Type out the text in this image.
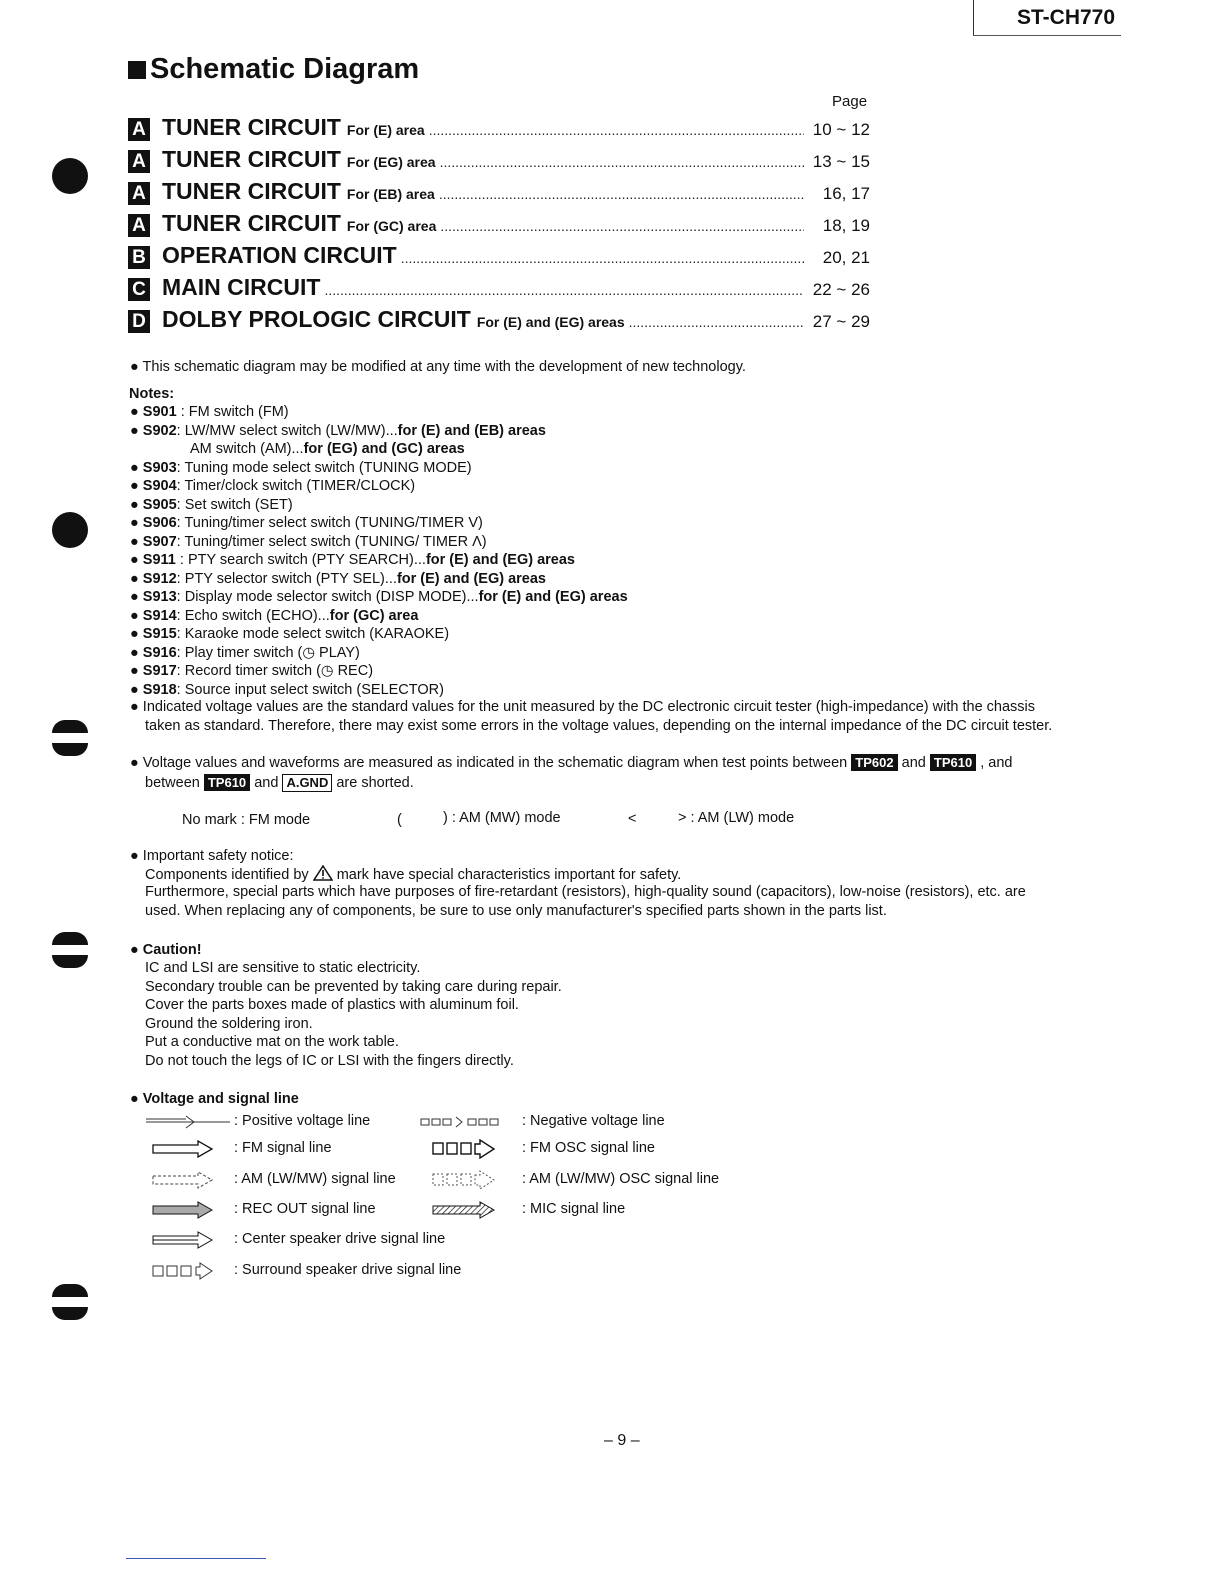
ST-CH770
Schematic Diagram
Page
A TUNER CIRCUIT For (E) area .....	10 ~ 12
A TUNER CIRCUIT For (EG) area .....	13 ~ 15
A TUNER CIRCUIT For (EB) area .....	16, 17
A TUNER CIRCUIT For (GC) area .....	18, 19
B OPERATION CIRCUIT .....	20, 21
C MAIN CIRCUIT .....	22 ~ 26
D DOLBY PROLOGIC CIRCUIT For (E) and (EG) areas .....	27 ~ 29
● This schematic diagram may be modified at any time with the development of new technology.
Notes:
● S901 : FM switch (FM)
● S902: LW/MW select switch (LW/MW)...for (E) and (EB) areas
AM switch (AM)...for (EG) and (GC) areas
● S903: Tuning mode select switch (TUNING MODE)
● S904: Timer/clock switch (TIMER/CLOCK)
● S905: Set switch (SET)
● S906: Tuning/timer select switch (TUNING/TIMER V)
● S907: Tuning/timer select switch (TUNING/ TIMER Λ)
● S911 : PTY search switch (PTY SEARCH)...for (E) and (EG) areas
● S912: PTY selector switch (PTY SEL)...for (E) and (EG) areas
● S913: Display mode selector switch (DISP MODE)...for (E) and (EG) areas
● S914: Echo switch (ECHO)...for (GC) area
● S915: Karaoke mode select switch (KARAOKE)
● S916: Play timer switch (◷ PLAY)
● S917: Record timer switch (◷ REC)
● S918: Source input select switch (SELECTOR)
● Indicated voltage values are the standard values for the unit measured by the DC electronic circuit tester (high-impedance) with the chassis
taken as standard. Therefore, there may exist some errors in the voltage values, depending on the internal impedance of the DC circuit tester.
● Voltage values and waveforms are measured as indicated in the schematic diagram when test points between TP602 and TP610 , and
between TP610 and A.GND are shorted.
No mark : FM mode	(	) : AM (MW) mode	<	> : AM (LW) mode
● Important safety notice:
Components identified by mark have special characteristics important for safety.
Furthermore, special parts which have purposes of fire-retardant (resistors), high-quality sound (capacitors), low-noise (resistors), etc. are
used. When replacing any of components, be sure to use only manufacturer's specified parts shown in the parts list.
● Caution!
IC and LSI are sensitive to static electricity.
Secondary trouble can be prevented by taking care during repair.
Cover the parts boxes made of plastics with aluminum foil.
Ground the soldering iron.
Put a conductive mat on the work table.
Do not touch the legs of IC or LSI with the fingers directly.
● Voltage and signal line
: Positive voltage line
: FM signal line
: AM (LW/MW) signal line
: REC OUT signal line
: Center speaker drive signal line
: Surround speaker drive signal line
: Negative voltage line
: FM OSC signal line
: AM (LW/MW) OSC signal line
: MIC signal line
– 9 –
